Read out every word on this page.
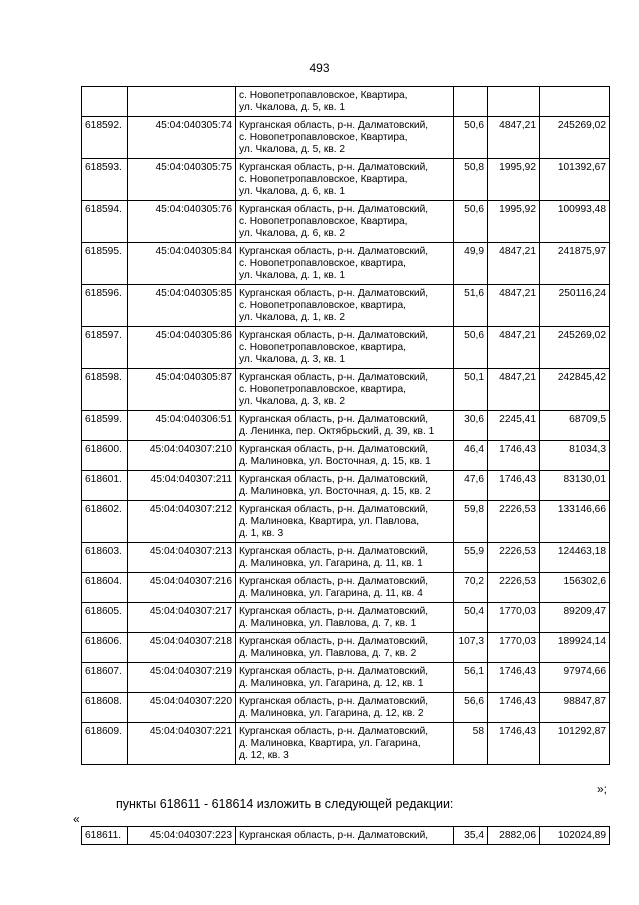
493

		с. Новопетропавловское, Квартира,
ул. Чкалова, д. 5, кв. 1			

618592.	45:04:040305:74	Курганская область, р-н. Далматовский,
с. Новопетропавловское, Квартира,
ул. Чкалова, д. 5, кв. 2	50,6	4847,21	245269,02
618593.	45:04:040305:75	Курганская область, р-н. Далматовский,
с. Новопетропавловское, Квартира,
ул. Чкалова, д. 6, кв. 1	50,8	1995,92	101392,67
618594.	45:04:040305:76	Курганская область, р-н. Далматовский,
с. Новопетропавловское, Квартира,
ул. Чкалова, д. 6, кв. 2	50,6	1995,92	100993,48
618595.	45:04:040305:84	Курганская область, р-н. Далматовский,
с. Новопетропавловское, квартира,
ул. Чкалова, д. 1, кв. 1	49,9	4847,21	241875,97
618596.	45:04:040305:85	Курганская область, р-н. Далматовский,
с. Новопетропавловское, квартира,
ул. Чкалова, д. 1, кв. 2	51,6	4847,21	250116,24
618597.	45:04:040305:86	Курганская область, р-н. Далматовский,
с. Новопетропавловское, квартира,
ул. Чкалова, д. 3, кв. 1	50,6	4847,21	245269,02
618598.	45:04:040305:87	Курганская область, р-н. Далматовский,
с. Новопетропавловское, квартира,
ул. Чкалова, д. 3, кв. 2	50,1	4847,21	242845,42
618599.	45:04:040306:51	Курганская область, р-н. Далматовский,
д. Ленинка, пер. Октябрьский, д. 39, кв. 1	30,6	2245,41	68709,5
618600.	45:04:040307:210	Курганская область, р-н. Далматовский,
д. Малиновка, ул. Восточная, д. 15, кв. 1	46,4	1746,43	81034,3
618601.	45:04:040307:211	Курганская область, р-н. Далматовский,
д. Малиновка, ул. Восточная, д. 15, кв. 2	47,6	1746,43	83130,01
618602.	45:04:040307:212	Курганская область, р-н. Далматовский,
д. Малиновка, Квартира, ул. Павлова,
д. 1, кв. 3	59,8	2226,53	133146,66
618603.	45:04:040307:213	Курганская область, р-н. Далматовский,
д. Малиновка, ул. Гагарина, д. 11, кв. 1	55,9	2226,53	124463,18
618604.	45:04:040307:216	Курганская область, р-н. Далматовский,
д. Малиновка, ул. Гагарина, д. 11, кв. 4	70,2	2226,53	156302,6
618605.	45:04:040307:217	Курганская область, р-н. Далматовский,
д. Малиновка, ул. Павлова, д. 7, кв. 1	50,4	1770,03	89209,47
618606.	45:04:040307:218	Курганская область, р-н. Далматовский,
д. Малиновка, ул. Павлова, д. 7, кв. 2	107,3	1770,03	189924,14
618607.	45:04:040307:219	Курганская область, р-н. Далматовский,
д. Малиновка, ул. Гагарина, д. 12, кв. 1	56,1	1746,43	97974,66
618608.	45:04:040307:220	Курганская область, р-н. Далматовский,
д. Малиновка, ул. Гагарина, д. 12, кв. 2	56,6	1746,43	98847,87
618609.	45:04:040307:221	Курганская область, р-н. Далматовский,
д. Малиновка, Квартира, ул. Гагарина,
д. 12, кв. 3	58	1746,43	101292,87
»;
пункты 618611 - 618614 изложить в следующей редакции:
«
618611.	45:04:040307:223	Курганская область, р-н. Далматовский,	35,4	2882,06	102024,89
